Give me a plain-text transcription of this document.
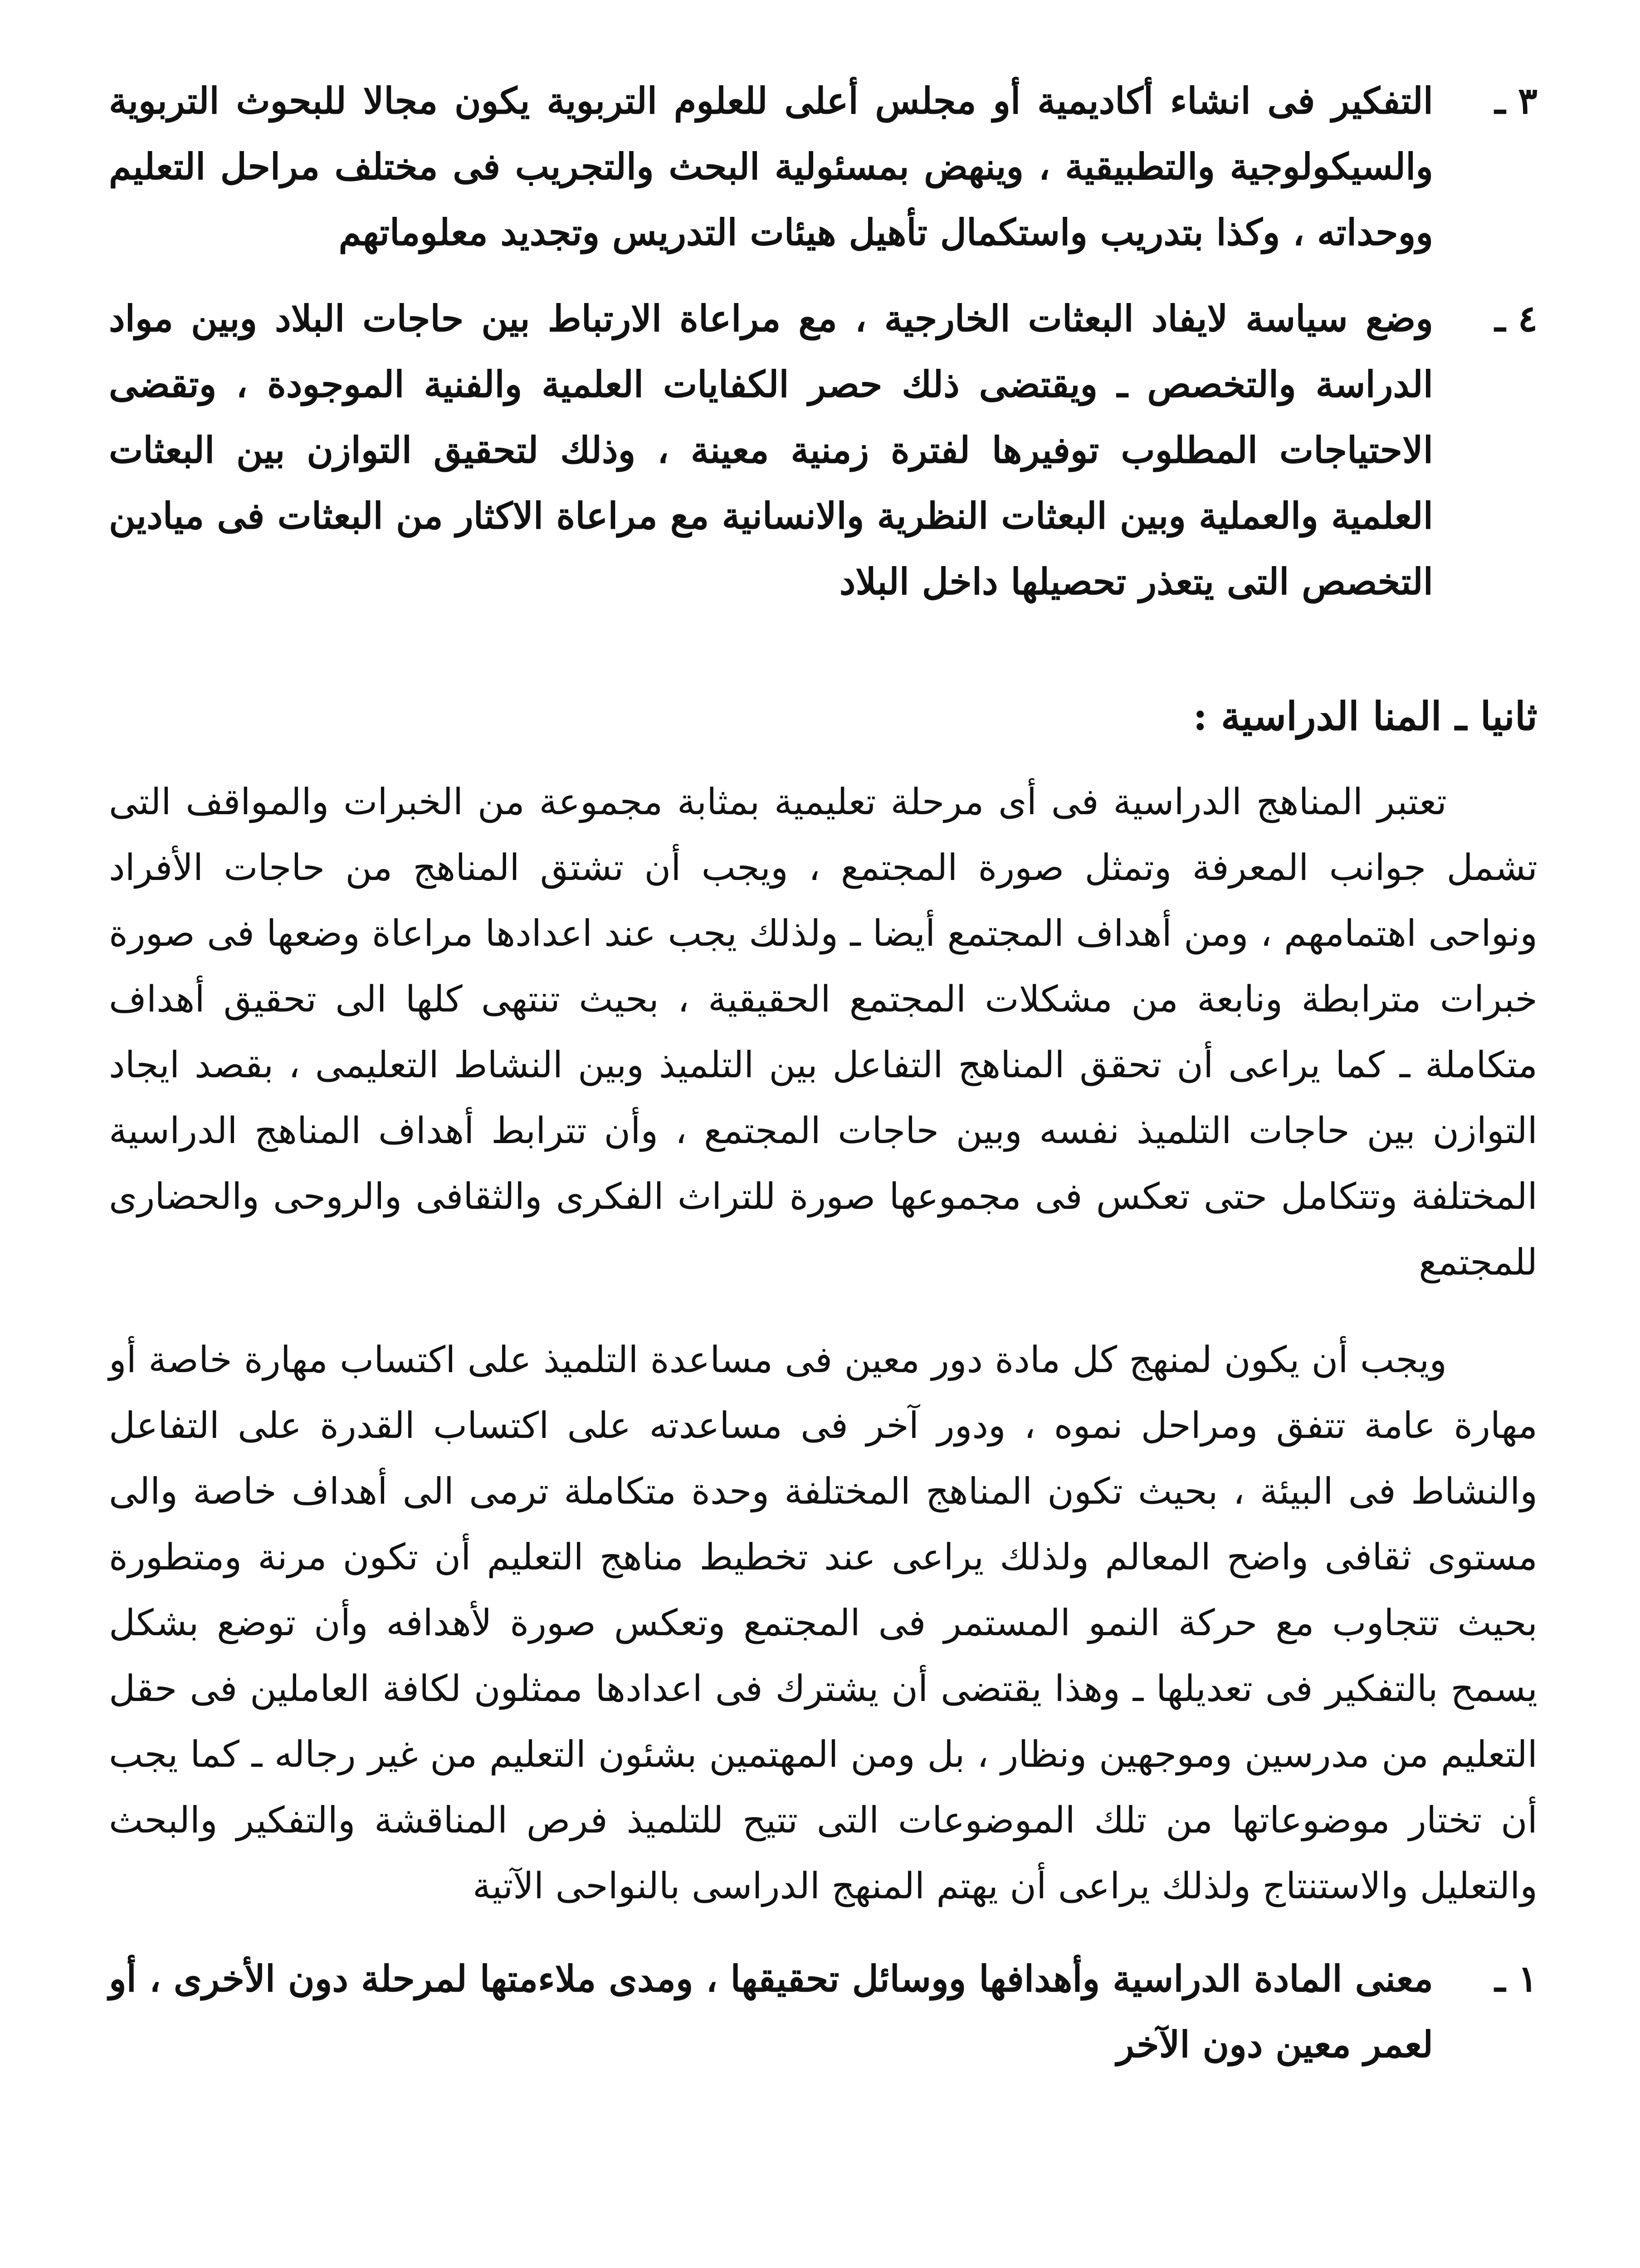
٣ ـ

التفكير فى انشاء أكاديمية أو مجلس أعلى للعلوم التربوية يكون مجالا للبحوث التربوية والسيكولوجية والتطبيقية ، وينهض بمسئولية البحث والتجريب فى مختلف مراحل التعليم ووحداته ، وكذا بتدريب واستكمال تأهيل هيئات التدريس وتجديد معلوماتهم

٤ ـ

وضع سياسة لايفاد البعثات الخارجية ، مع مراعاة الارتباط بين حاجات البلاد وبين مواد الدراسة والتخصص ـ ويقتضى ذلك حصر الكفايات العلمية والفنية الموجودة ، وتقضى الاحتياجات المطلوب توفيرها لفترة زمنية معينة ، وذلك لتحقيق التوازن بين البعثات العلمية والعملية وبين البعثات النظرية والانسانية مع مراعاة الاكثار من البعثات فى ميادين التخصص التى يتعذر تحصيلها داخل البلاد

ثانيا ـ المنا الدراسية :

تعتبر المناهج الدراسية فى أى مرحلة تعليمية بمثابة مجموعة من الخبرات والمواقف التى تشمل جوانب المعرفة وتمثل صورة المجتمع ، ويجب أن تشتق المناهج من حاجات الأفراد ونواحى اهتمامهم ، ومن أهداف المجتمع أيضا ـ ولذلك يجب عند اعدادها مراعاة وضعها فى صورة خبرات مترابطة ونابعة من مشكلات المجتمع الحقيقية ، بحيث تنتهى كلها الى تحقيق أهداف متكاملة ـ كما يراعى أن تحقق المناهج التفاعل بين التلميذ وبين النشاط التعليمى ، بقصد ايجاد التوازن بين حاجات التلميذ نفسه وبين حاجات المجتمع ، وأن تترابط أهداف المناهج الدراسية المختلفة وتتكامل حتى تعكس فى مجموعها صورة للتراث الفكرى والثقافى والروحى والحضارى للمجتمع

ويجب أن يكون لمنهج كل مادة دور معين فى مساعدة التلميذ على اكتساب مهارة خاصة أو مهارة عامة تتفق ومراحل نموه ، ودور آخر فى مساعدته على اكتساب القدرة على التفاعل والنشاط فى البيئة ، بحيث تكون المناهج المختلفة وحدة متكاملة ترمى الى أهداف خاصة والى مستوى ثقافى واضح المعالم ولذلك يراعى عند تخطيط مناهج التعليم أن تكون مرنة ومتطورة بحيث تتجاوب مع حركة النمو المستمر فى المجتمع وتعكس صورة لأهدافه وأن توضع بشكل يسمح بالتفكير فى تعديلها ـ وهذا يقتضى أن يشترك فى اعدادها ممثلون لكافة العاملين فى حقل التعليم من مدرسين وموجهين ونظار ، بل ومن المهتمين بشئون التعليم من غير رجاله ـ كما يجب أن تختار موضوعاتها من تلك الموضوعات التى تتيح للتلميذ فرص المناقشة والتفكير والبحث والتعليل والاستنتاج ولذلك يراعى أن يهتم المنهج الدراسى بالنواحى الآتية

١ ـ

معنى المادة الدراسية وأهدافها ووسائل تحقيقها ، ومدى ملاءمتها لمرحلة دون الأخرى ، أو لعمر معين دون الآخر
